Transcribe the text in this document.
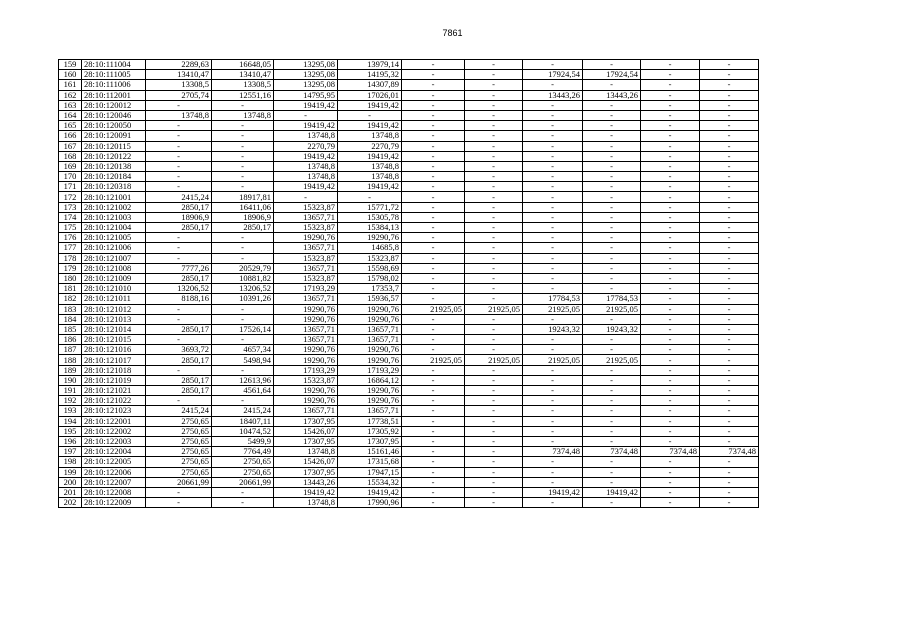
7861
159	28:10:111004	2289,63	16648,05	13295,08	13979,14	-	-	-	-	-	-
160	28:10:111005	13410,47	13410,47	13295,08	14195,32	-	-	17924,54	17924,54	-	-
161	28:10:111006	13308,5	13308,5	13295,08	14307,89	-	-	-	-	-	-
162	28:10:112001	2705,74	12551,16	14795,95	17026,01	-	-	13443,26	13443,26	-	-
163	28:10:120012	-	-	19419,42	19419,42	-	-	-	-	-	-
164	28:10:120046	13748,8	13748,8	-	-	-	-	-	-	-	-
165	28:10:120050	-	-	19419,42	19419,42	-	-	-	-	-	-
166	28:10:120091	-	-	13748,8	13748,8	-	-	-	-	-	-
167	28:10:120115	-	-	2270,79	2270,79	-	-	-	-	-	-
168	28:10:120122	-	-	19419,42	19419,42	-	-	-	-	-	-
169	28:10:120138	-	-	13748,8	13748,8	-	-	-	-	-	-
170	28:10:120184	-	-	13748,8	13748,8	-	-	-	-	-	-
171	28:10:120318	-	-	19419,42	19419,42	-	-	-	-	-	-
172	28:10:121001	2415,24	18917,81	-	-	-	-	-	-	-	-
173	28:10:121002	2850,17	16411,06	15323,87	15771,72	-	-	-	-	-	-
174	28:10:121003	18906,9	18906,9	13657,71	15305,78	-	-	-	-	-	-
175	28:10:121004	2850,17	2850,17	15323,87	15384,13	-	-	-	-	-	-
176	28:10:121005	-	-	19290,76	19290,76	-	-	-	-	-	-
177	28:10:121006	-	-	13657,71	14685,8	-	-	-	-	-	-
178	28:10:121007	-	-	15323,87	15323,87	-	-	-	-	-	-
179	28:10:121008	7777,26	20529,79	13657,71	15598,69	-	-	-	-	-	-
180	28:10:121009	2850,17	10881,82	15323,87	15798,02	-	-	-	-	-	-
181	28:10:121010	13206,52	13206,52	17193,29	17353,7	-	-	-	-	-	-
182	28:10:121011	8188,16	10391,26	13657,71	15936,57	-	-	17784,53	17784,53	-	-
183	28:10:121012	-	-	19290,76	19290,76	21925,05	21925,05	21925,05	21925,05	-	-
184	28:10:121013	-	-	19290,76	19290,76	-	-	-	-	-	-
185	28:10:121014	2850,17	17526,14	13657,71	13657,71	-	-	19243,32	19243,32	-	-
186	28:10:121015	-	-	13657,71	13657,71	-	-	-	-	-	-
187	28:10:121016	3693,72	4657,34	19290,76	19290,76	-	-	-	-	-	-
188	28:10:121017	2850,17	5498,94	19290,76	19290,76	21925,05	21925,05	21925,05	21925,05	-	-
189	28:10:121018	-	-	17193,29	17193,29	-	-	-	-	-	-
190	28:10:121019	2850,17	12613,96	15323,87	16864,12	-	-	-	-	-	-
191	28:10:121021	2850,17	4561,64	19290,76	19290,76	-	-	-	-	-	-
192	28:10:121022	-	-	19290,76	19290,76	-	-	-	-	-	-
193	28:10:121023	2415,24	2415,24	13657,71	13657,71	-	-	-	-	-	-
194	28:10:122001	2750,65	18407,11	17307,95	17738,51	-	-	-	-	-	-
195	28:10:122002	2750,65	10474,52	15426,07	17305,92	-	-	-	-	-	-
196	28:10:122003	2750,65	5499,9	17307,95	17307,95	-	-	-	-	-	-
197	28:10:122004	2750,65	7764,49	13748,8	15161,46	-	-	7374,48	7374,48	7374,48	7374,48
198	28:10:122005	2750,65	2750,65	15426,07	17315,68	-	-	-	-	-	-
199	28:10:122006	2750,65	2750,65	17307,95	17947,15	-	-	-	-	-	-
200	28:10:122007	20661,99	20661,99	13443,26	15534,32	-	-	-	-	-	-
201	28:10:122008	-	-	19419,42	19419,42	-	-	19419,42	19419,42	-	-
202	28:10:122009	-	-	13748,8	17990,96	-	-	-	-	-	-
